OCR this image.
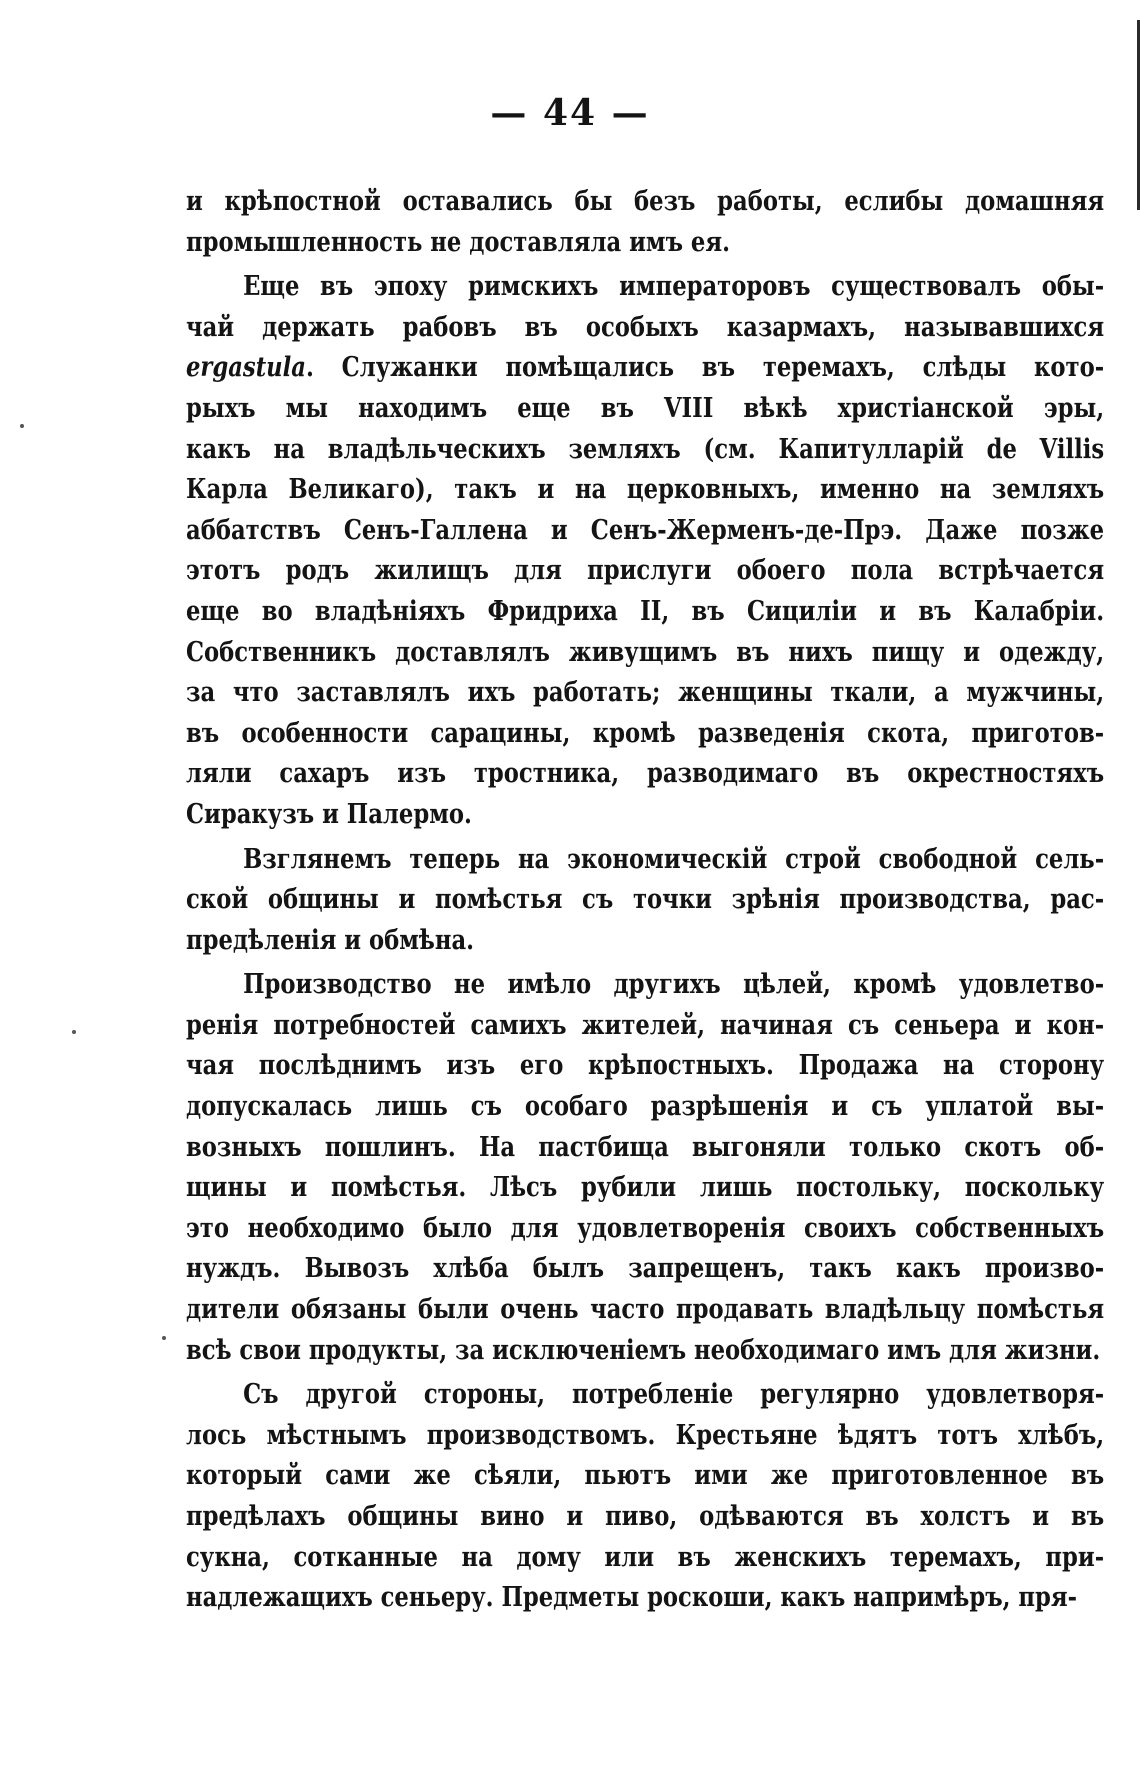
— 44 —
и крѣпостной оставались бы безъ работы, еслибы домашняя
промышленность не доставляла имъ ея.
Еще въ эпоху римскихъ императоровъ существовалъ обы-
чай держать рабовъ въ особыхъ казармахъ, называвшихся
ergastula. Служанки помѣщались въ теремахъ, слѣды кото-
рыхъ мы находимъ еще въ VIII вѣкѣ христіанской эры,
какъ на владѣльческихъ земляхъ (см. Капитулларій de Villis
Карла Великаго), такъ и на церковныхъ, именно на земляхъ
аббатствъ Сенъ-Галлена и Сенъ-Жерменъ-де-Прэ. Даже позже
этотъ родъ жилищъ для прислуги обоего пола встрѣчается
еще во владѣніяхъ Фридриха II, въ Сициліи и въ Калабріи.
Собственникъ доставлялъ живущимъ въ нихъ пищу и одежду,
за что заставлялъ ихъ работать; женщины ткали, а мужчины,
въ особенности сарацины, кромѣ разведенія скота, приготов-
ляли сахаръ изъ тростника, разводимаго въ окрестностяхъ
Сиракузъ и Палермо.
Взглянемъ теперь на экономическій строй свободной сель-
ской общины и помѣстья съ точки зрѣнія производства, рас-
предѣленія и обмѣна.
Производство не имѣло другихъ цѣлей, кромѣ удовлетво-
ренія потребностей самихъ жителей, начиная съ сеньера и кон-
чая послѣднимъ изъ его крѣпостныхъ. Продажа на сторону
допускалась лишь съ особаго разрѣшенія и съ уплатой вы-
возныхъ пошлинъ. На пастбища выгоняли только скотъ об-
щины и помѣстья. Лѣсъ рубили лишь постольку, поскольку
это необходимо было для удовлетворенія своихъ собственныхъ
нуждъ. Вывозъ хлѣба былъ запрещенъ, такъ какъ произво-
дители обязаны были очень часто продавать владѣльцу помѣстья
всѣ свои продукты, за исключеніемъ необходимаго имъ для жизни.
Съ другой стороны, потребленіе регулярно удовлетворя-
лось мѣстнымъ производствомъ. Крестьяне ѣдятъ тотъ хлѣбъ,
который сами же сѣяли, пьютъ ими же приготовленное въ
предѣлахъ общины вино и пиво, одѣваются въ холстъ и въ
сукна, сотканные на дому или въ женскихъ теремахъ, при-
надлежащихъ сеньеру. Предметы роскоши, какъ напримѣръ, пря-
